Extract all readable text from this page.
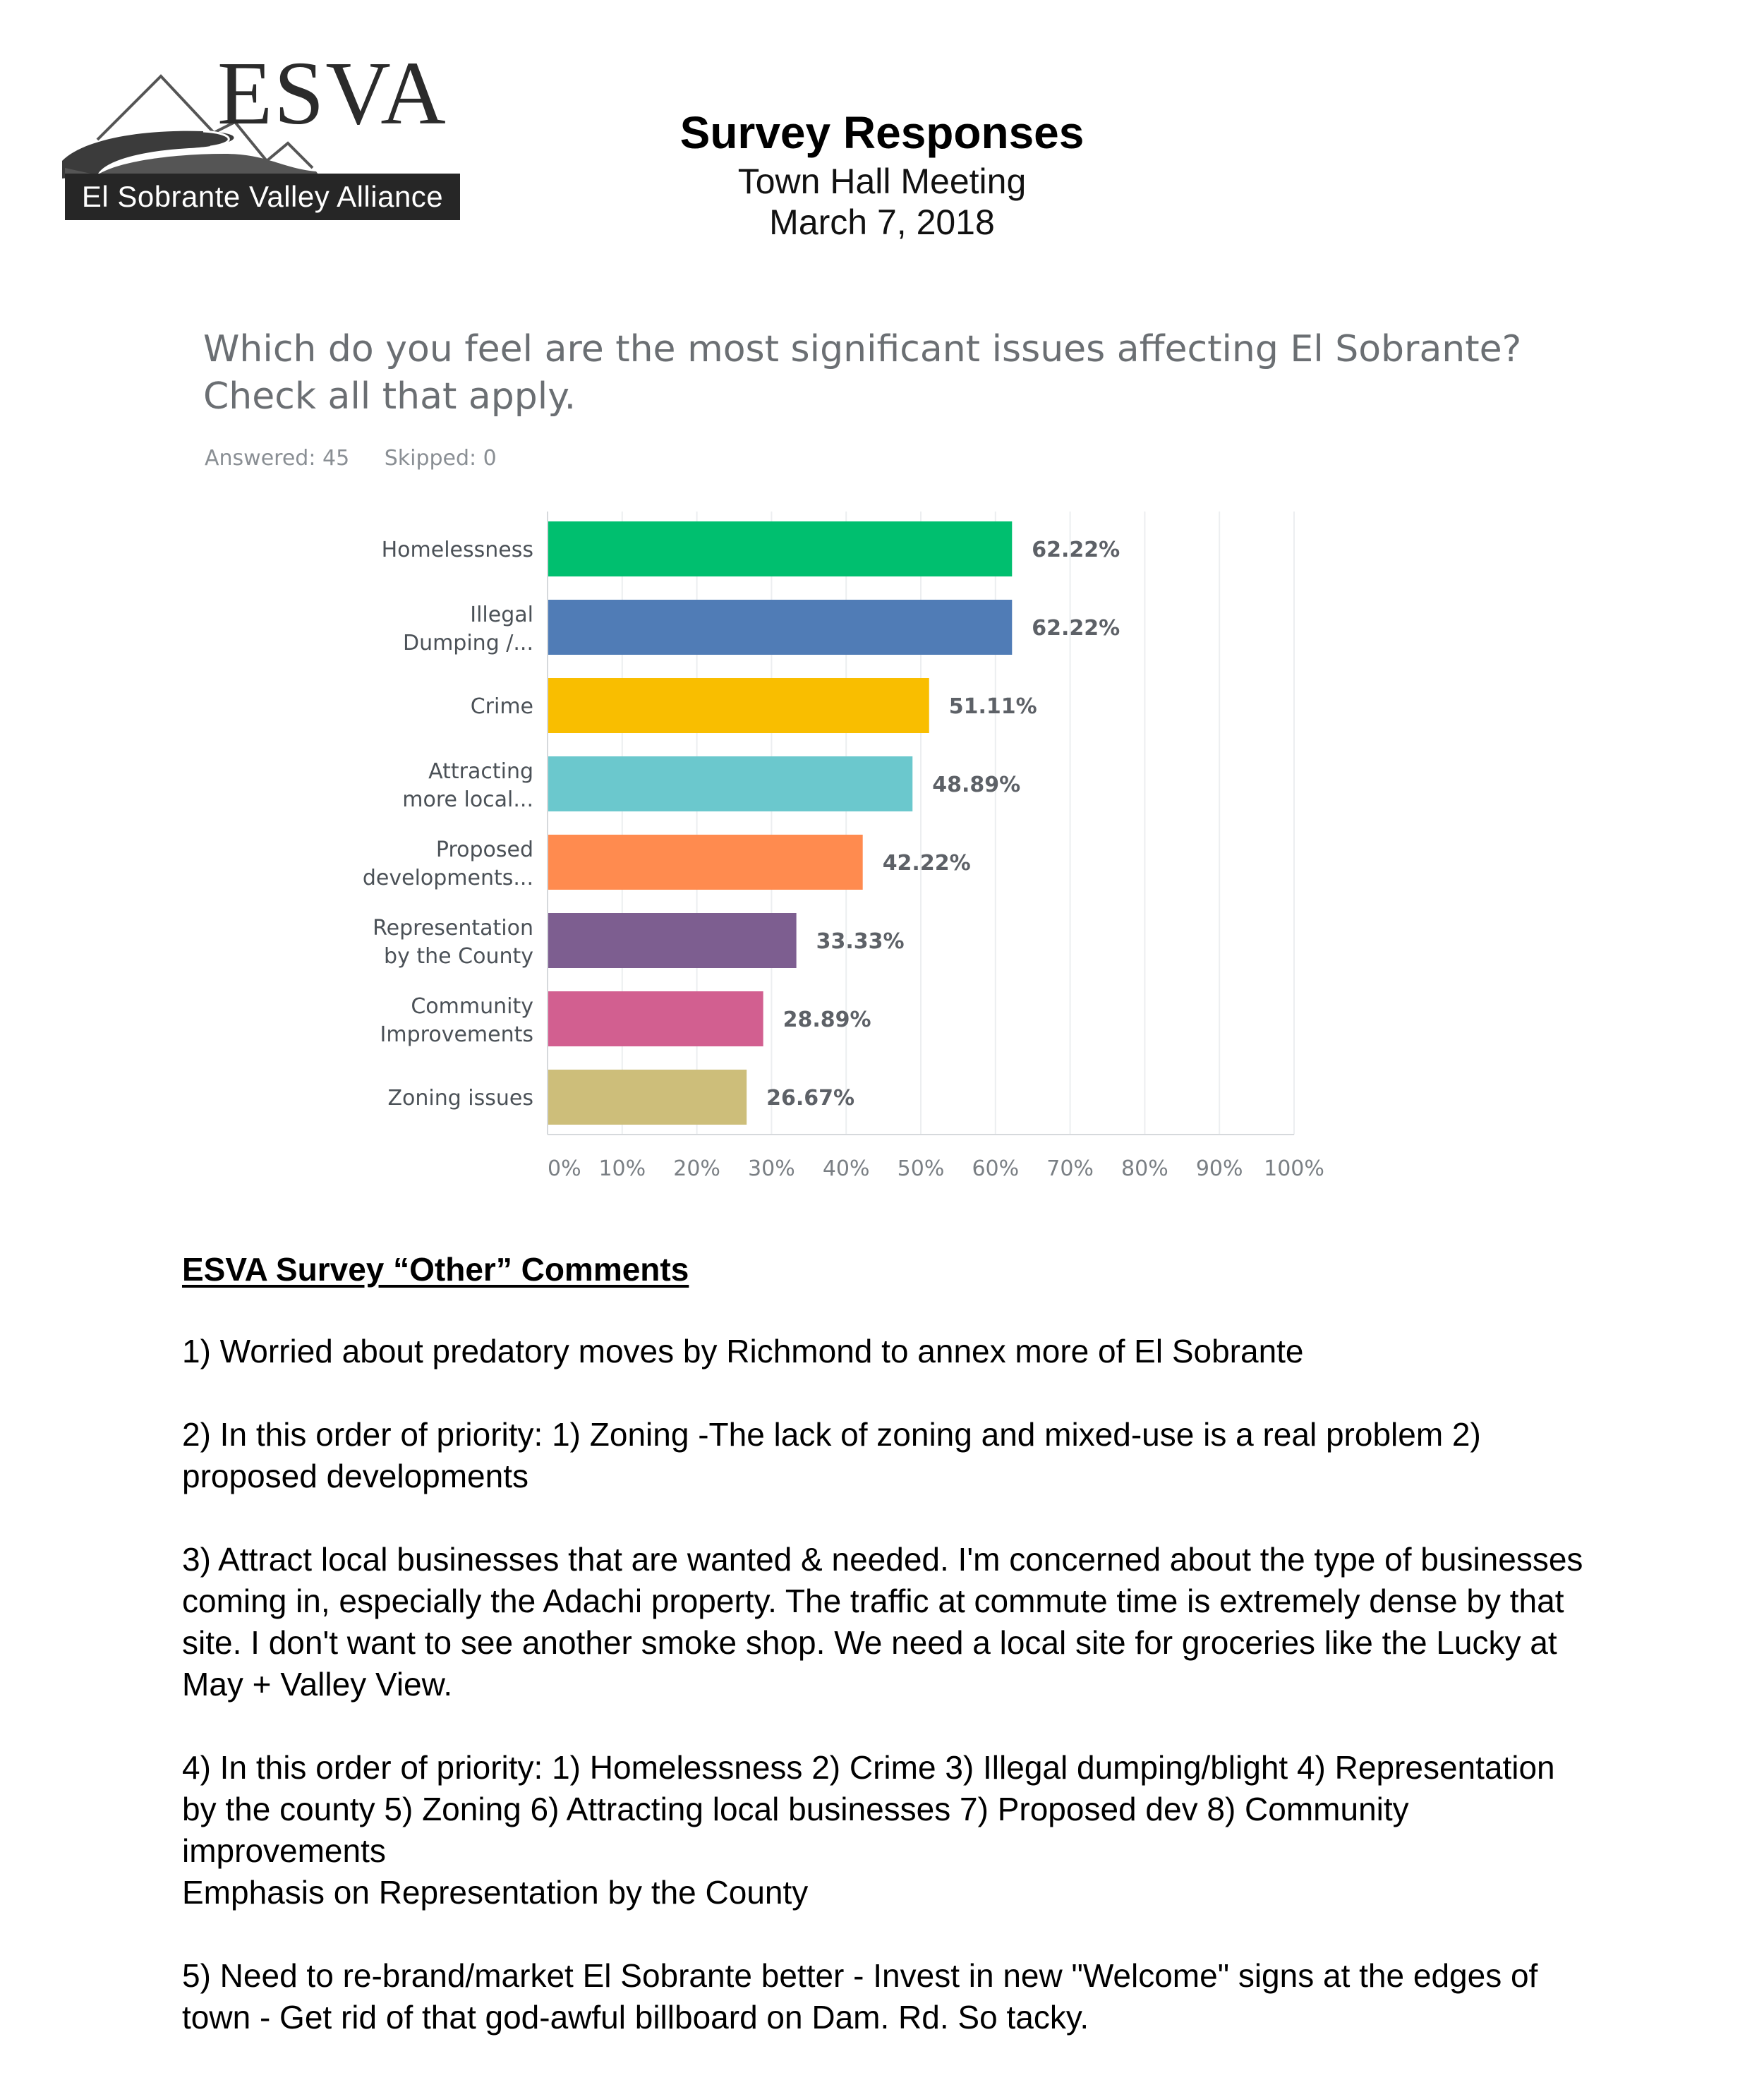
ESVA
El Sobrante Valley Alliance
Survey Responses
Town Hall Meeting
March 7, 2018
Which do you feel are the most significant issues affecting El Sobrante?
Check all that apply.
Answered: 45 Skipped: 0
62.22%
Homelessness
62.22%
Illegal Dumping /...
51.11%
Crime
48.89%
Attracting more local...
42.22%
Proposed developments...
33.33%
Representation by the County
28.89%
Community Improvements
26.67%
Zoning issues
0% 10% 20% 30% 40% 50% 60% 70% 80% 90% 100%
ESVA Survey “Other” Comments

1) Worried about predatory moves by Richmond to annex more of El Sobrante

2) In this order of priority: 1) Zoning -The lack of zoning and mixed-use is a real problem 2) proposed developments

3) Attract local businesses that are wanted & needed. I'm concerned about the type of businesses coming in, especially the Adachi property. The traffic at commute time is extremely dense by that site. I don't want to see another smoke shop. We need a local site for groceries like the Lucky at May + Valley View.

4) In this order of priority: 1) Homelessness 2) Crime 3) Illegal dumping/blight 4) Representation by the county 5) Zoning 6) Attracting local businesses 7) Proposed dev 8) Community improvements
Emphasis on Representation by the County

5) Need to re-brand/market El Sobrante better - Invest in new "Welcome" signs at the edges of town - Get rid of that god-awful billboard on Dam. Rd. So tacky.
